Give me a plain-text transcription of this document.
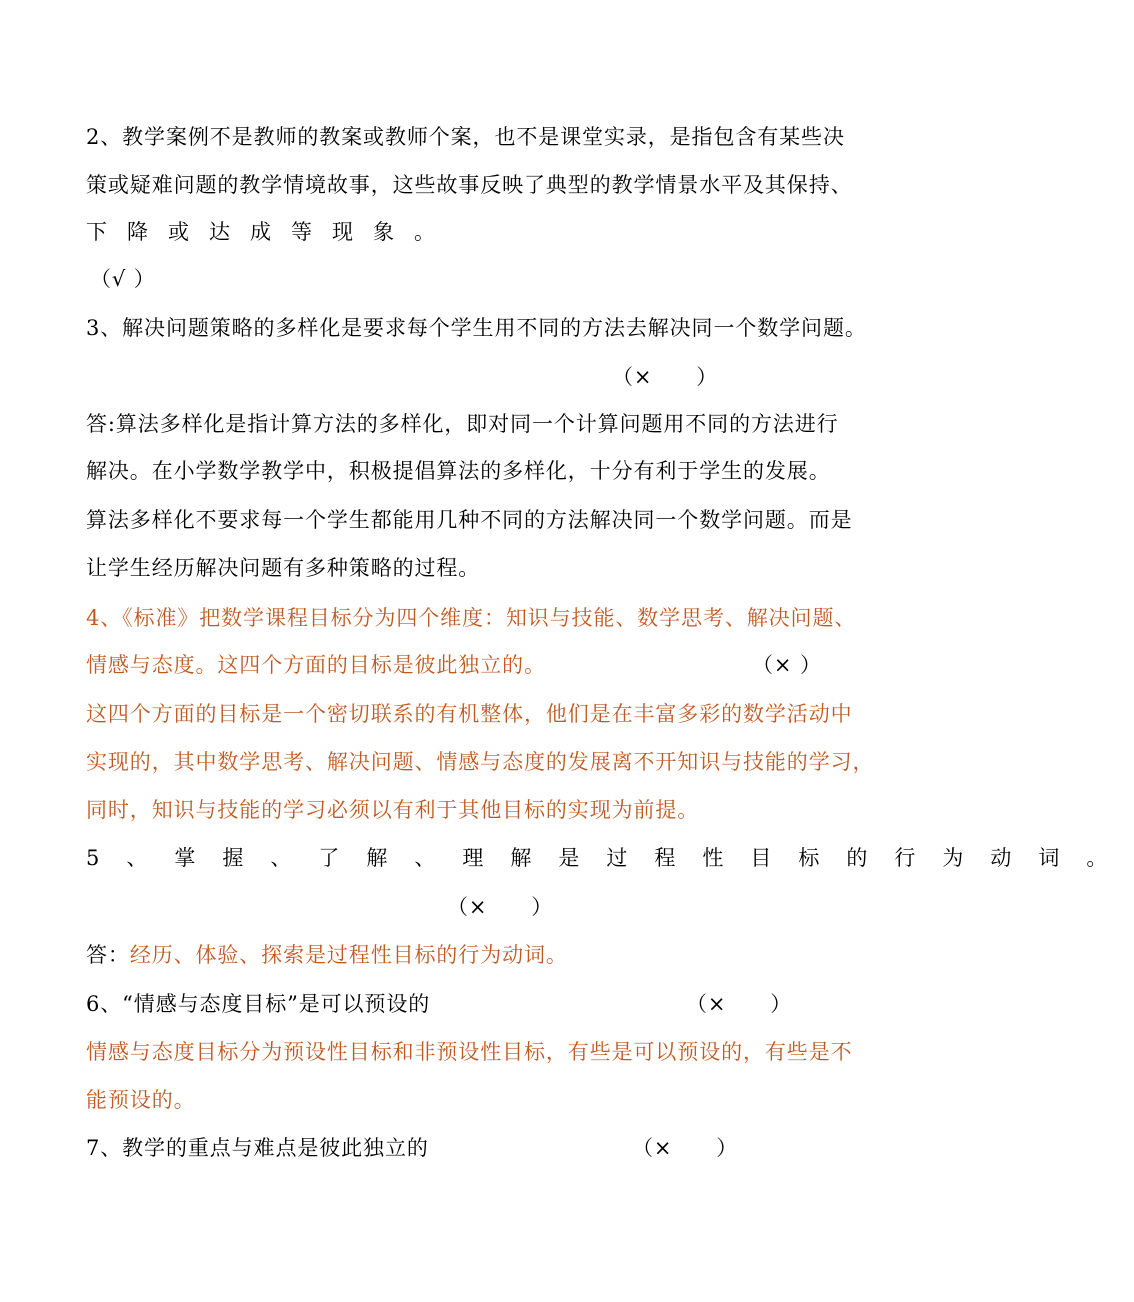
2、教学案例不是教师的教案或教师个案，也不是课堂实录，是指包含有某些决
策或疑难问题的教学情境故事，这些故事反映了典型的教学情景水平及其保持、
下降或达成等现象。
（√ ）
3、解决问题策略的多样化是要求每个学生用不同的方法去解决同一个数学问题。
（×　　）
答:算法多样化是指计算方法的多样化，即对同一个计算问题用不同的方法进行
解决。在小学数学教学中，积极提倡算法的多样化，十分有利于学生的发展。
算法多样化不要求每一个学生都能用几种不同的方法解决同一个数学问题。而是
让学生经历解决问题有多种策略的过程。
4、《标准》把数学课程目标分为四个维度：知识与技能、数学思考、解决问题、
情感与态度。这四个方面的目标是彼此独立的。	（× ）
这四个方面的目标是一个密切联系的有机整体，他们是在丰富多彩的数学活动中
实现的，其中数学思考、解决问题、情感与态度的发展离不开知识与技能的学习，
同时，知识与技能的学习必须以有利于其他目标的实现为前提。
5、掌握、了解、理解是过程性目标的行为动词。
（×　　）
答：经历、体验、探索是过程性目标的行为动词。
6、“情感与态度目标”是可以预设的	（×　　）
情感与态度目标分为预设性目标和非预设性目标，有些是可以预设的，有些是不
能预设的。
7、教学的重点与难点是彼此独立的	（×　　）
